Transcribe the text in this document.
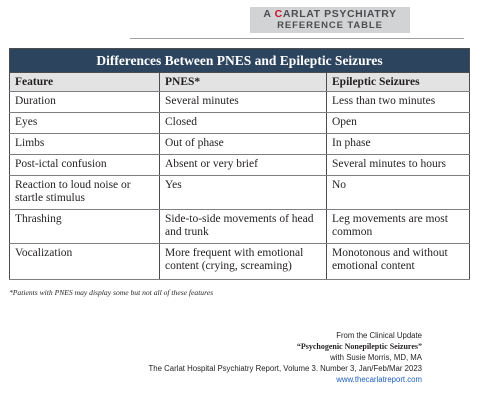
A CARLAT PSYCHIATRY
REFERENCE TABLE
Differences Between PNES and Epileptic Seizures		
Feature	PNES*	Epileptic Seizures
Duration	Several minutes	Less than two minutes
Eyes	Closed	Open
Limbs	Out of phase	In phase
Post-ictal confusion	Absent or very brief	Several minutes to hours
Reaction to loud noise or startle stimulus	Yes	No
Thrashing	Side-to-side movements of head and trunk	Leg movements are most common
Vocalization	More frequent with emotional content (crying, screaming)	Monotonous and without emotional content
*Patients with PNES may display some but not all of these features
From the Clinical Update
“Psychogenic Nonepileptic Seizures”
with Susie Morris, MD, MA
The Carlat Hospital Psychiatry Report, Volume 3. Number 3, Jan/Feb/Mar 2023
www.thecarlatreport.com
